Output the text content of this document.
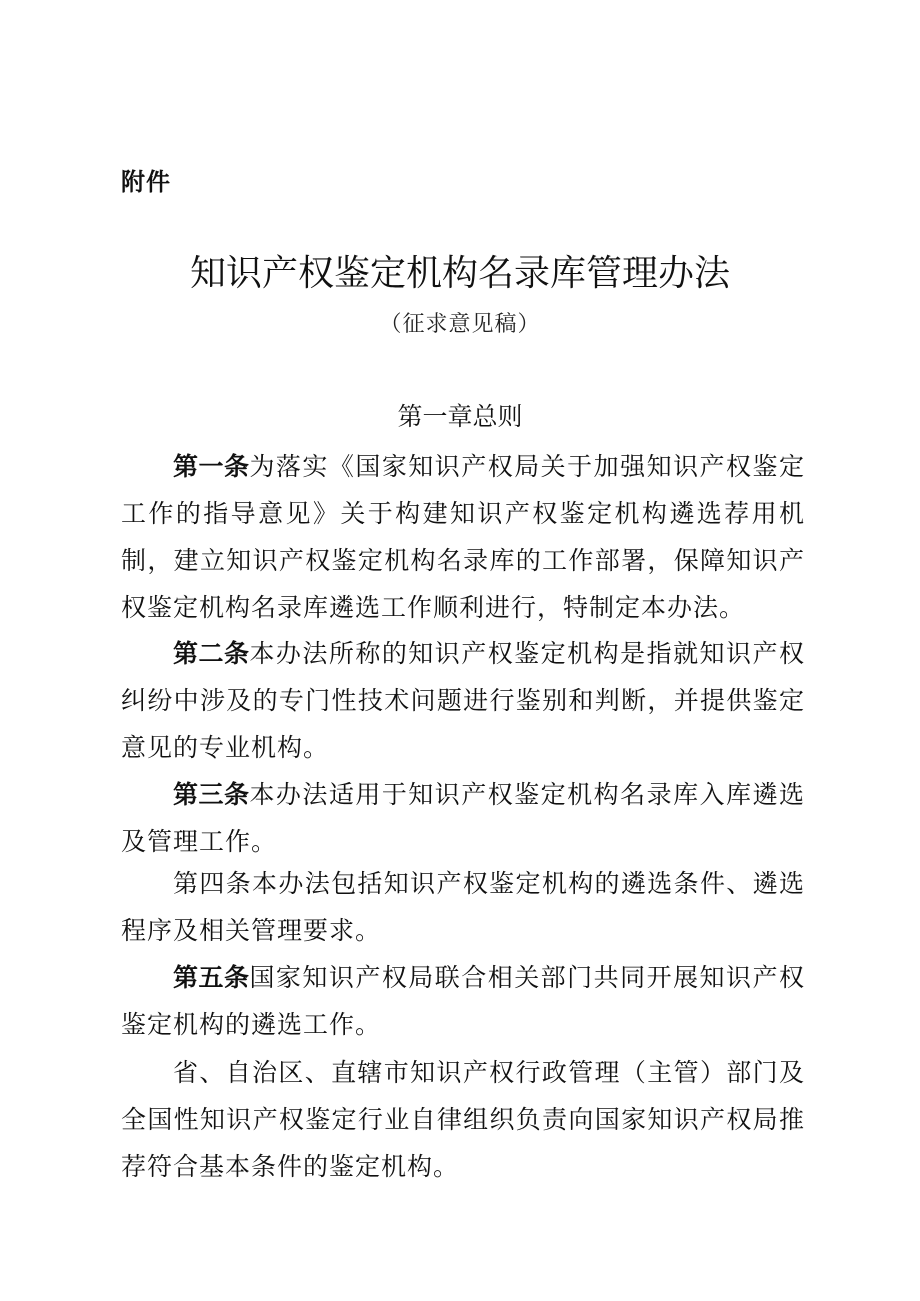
附件
知识产权鉴定机构名录库管理办法
（征求意见稿）
第一章总则

第一条为落实《国家知识产权局关于加强知识产权鉴定工作的指导意见》关于构建知识产权鉴定机构遴选荐用机制，建立知识产权鉴定机构名录库的工作部署，保障知识产权鉴定机构名录库遴选工作顺利进行，特制定本办法。

第二条本办法所称的知识产权鉴定机构是指就知识产权纠纷中涉及的专门性技术问题进行鉴别和判断，并提供鉴定意见的专业机构。

第三条本办法适用于知识产权鉴定机构名录库入库遴选及管理工作。

第四条本办法包括知识产权鉴定机构的遴选条件、遴选程序及相关管理要求。

第五条国家知识产权局联合相关部门共同开展知识产权鉴定机构的遴选工作。

省、自治区、直辖市知识产权行政管理（主管）部门及全国性知识产权鉴定行业自律组织负责向国家知识产权局推荐符合基本条件的鉴定机构。
